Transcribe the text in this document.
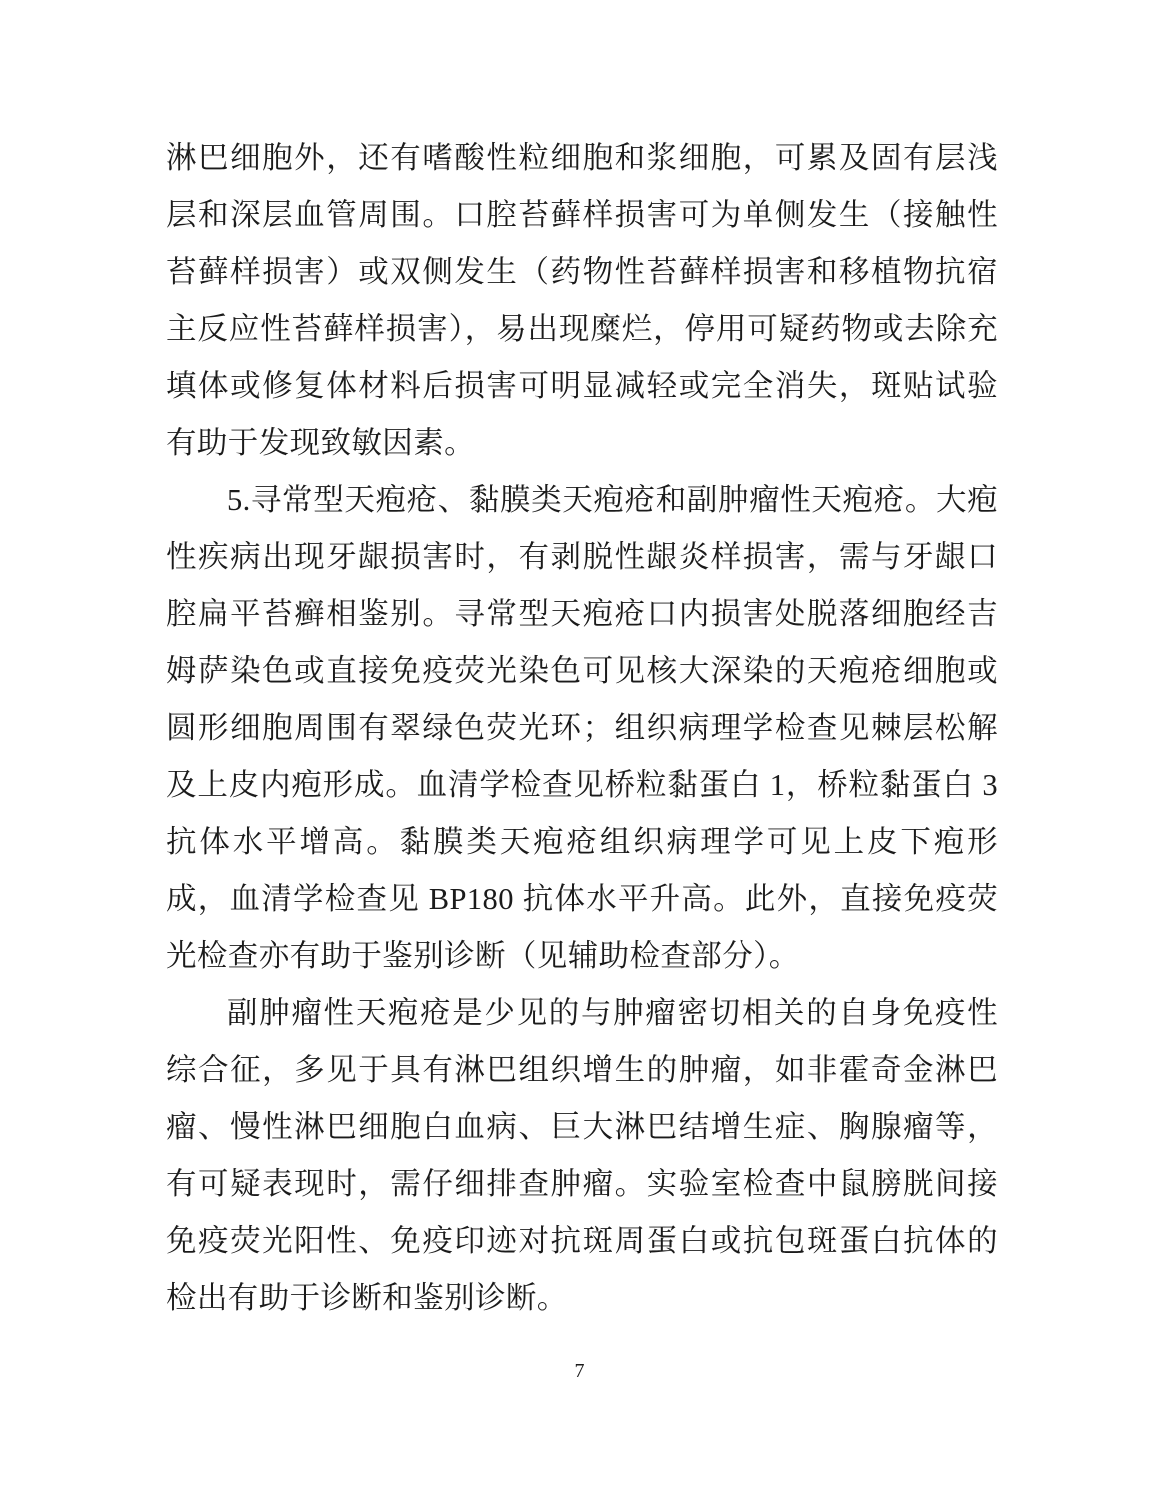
淋巴细胞外，还有嗜酸性粒细胞和浆细胞，可累及固有层浅层和深层血管周围。口腔苔藓样损害可为单侧发生（接触性苔藓样损害）或双侧发生（药物性苔藓样损害和移植物抗宿主反应性苔藓样损害），易出现糜烂，停用可疑药物或去除充填体或修复体材料后损害可明显减轻或完全消失，斑贴试验有助于发现致敏因素。

5.寻常型天疱疮、黏膜类天疱疮和副肿瘤性天疱疮。大疱性疾病出现牙龈损害时，有剥脱性龈炎样损害，需与牙龈口腔扁平苔癣相鉴别。寻常型天疱疮口内损害处脱落细胞经吉姆萨染色或直接免疫荧光染色可见核大深染的天疱疮细胞或圆形细胞周围有翠绿色荧光环；组织病理学检查见棘层松解及上皮内疱形成。血清学检查见桥粒黏蛋白 1，桥粒黏蛋白 3 抗体水平增高。黏膜类天疱疮组织病理学可见上皮下疱形成，血清学检查见 BP180 抗体水平升高。此外，直接免疫荧光检查亦有助于鉴别诊断（见辅助检查部分）。

副肿瘤性天疱疮是少见的与肿瘤密切相关的自身免疫性综合征，多见于具有淋巴组织增生的肿瘤，如非霍奇金淋巴瘤、慢性淋巴细胞白血病、巨大淋巴结增生症、胸腺瘤等，有可疑表现时，需仔细排查肿瘤。实验室检查中鼠膀胱间接免疫荧光阳性、免疫印迹对抗斑周蛋白或抗包斑蛋白抗体的检出有助于诊断和鉴别诊断。

7
